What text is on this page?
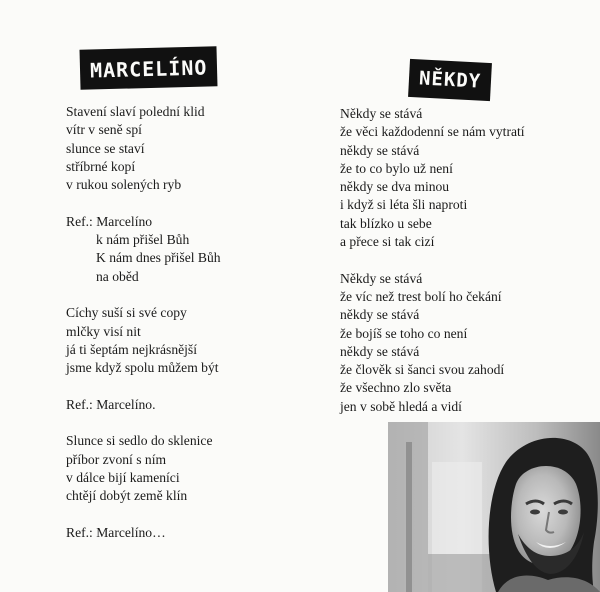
MARCELÍNO	NĚKDY

Stavení slaví polední klid
vítr v seně spí
slunce se staví
stříbrné kopí
v rukou solených ryb

Ref.: Marcelíno
k nám přišel Bůh
K nám dnes přišel Bůh
na oběd

Cíchy suší si své copy
mlčky visí nit
já ti šeptám nejkrásnější
jsme když spolu můžem být

Ref.: Marcelíno.

Slunce si sedlo do sklenice
příbor zvoní s ním
v dálce bijí kameníci
chtějí dobýt země klín

Ref.: Marcelíno…

Někdy se stává
že věci každodenní se nám vytratí
někdy se stává
že to co bylo už není
někdy se dva minou
i když si léta šli naproti
tak blízko u sebe
a přece si tak cizí

Někdy se stává
že víc než trest bolí ho čekání
někdy se stává
že bojíš se toho co není
někdy se stává
že člověk si šanci svou zahodí
že všechno zlo světa
jen v sobě hledá a vidí
